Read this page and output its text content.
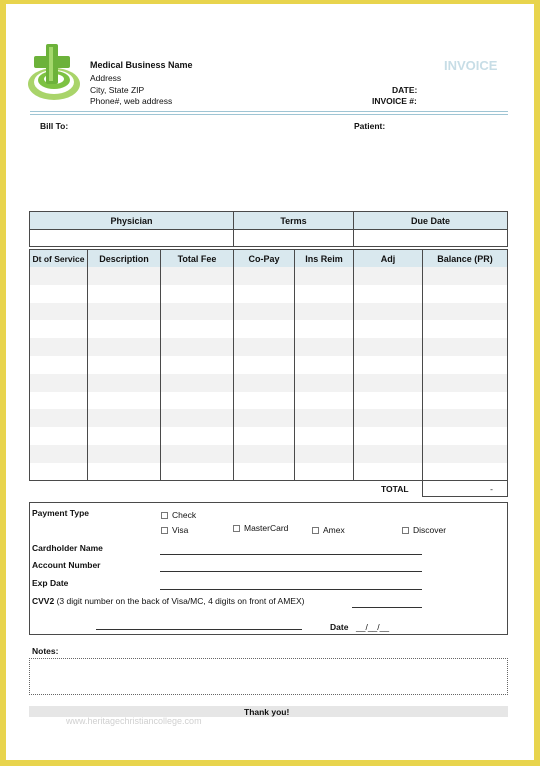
Medical Business Name
Address
City, State ZIP
Phone#, web address
INVOICE
DATE:
INVOICE #:
Bill To:	Patient:
Physician	Terms	Due Date

Dt of Service	Description	Total Fee	Co-Pay	Ins Reim	Adj	Balance (PR)

TOTAL	-
Payment Type	Check
Visa	MasterCard	Amex	Discover
Cardholder Name
Account Number
Exp Date
CVV2 (3 digit number on the back of Visa/MC, 4 digits on front of AMEX)
Date __/__/__
Notes:
Thank you!
www.heritagechristiancollege.com
